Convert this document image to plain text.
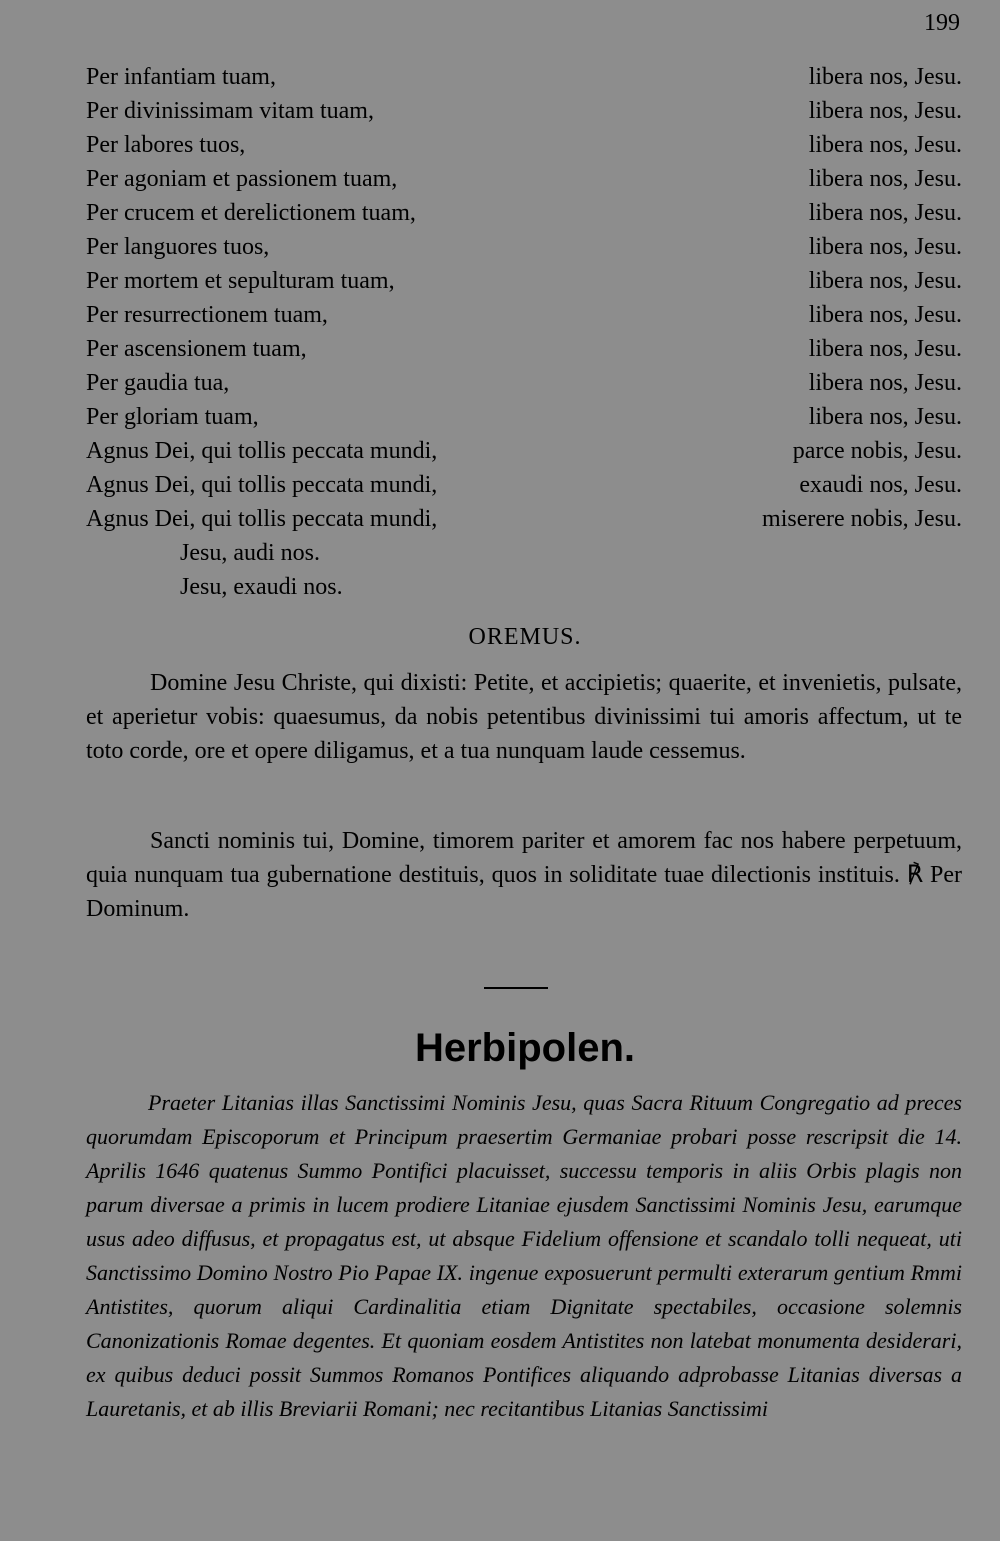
199
Per infantiam tuam,	libera nos, Jesu.
Per divinissimam vitam tuam,	libera nos, Jesu.
Per labores tuos,	libera nos, Jesu.
Per agoniam et passionem tuam,	libera nos, Jesu.
Per crucem et derelictionem tuam,	libera nos, Jesu.
Per languores tuos,	libera nos, Jesu.
Per mortem et sepulturam tuam,	libera nos, Jesu.
Per resurrectionem tuam,	libera nos, Jesu.
Per ascensionem tuam,	libera nos, Jesu.
Per gaudia tua,	libera nos, Jesu.
Per gloriam tuam,	libera nos, Jesu.
Agnus Dei, qui tollis peccata mundi,	parce nobis, Jesu.
Agnus Dei, qui tollis peccata mundi,	exaudi nos, Jesu.
Agnus Dei, qui tollis peccata mundi,	miserere nobis, Jesu.
Jesu, audi nos.
Jesu, exaudi nos.
OREMUS.

Domine Jesu Christe, qui dixisti: Petite, et accipietis; quaerite, et invenietis, pulsate, et aperietur vobis: quaesumus, da nobis petentibus divinissimi tui amoris affectum, ut te toto corde, ore et opere diligamus, et a tua nunquam laude cessemus.

Sancti nominis tui, Domine, timorem pariter et amorem fac nos habere perpetuum, quia nunquam tua gubernatione destituis, quos in soliditate tuae dilectionis instituis. ℟ Per Dominum.

Herbipolen.

Praeter Litanias illas Sanctissimi Nominis Jesu, quas Sacra Rituum Congregatio ad preces quorumdam Episcoporum et Principum praesertim Germaniae probari posse rescripsit die 14. Aprilis 1646 quatenus Summo Pontifici placuisset, successu temporis in aliis Orbis plagis non parum diversae a primis in lucem prodiere Litaniae ejusdem Sanctissimi Nominis Jesu, earumque usus adeo diffusus, et propagatus est, ut absque Fidelium offensione et scandalo tolli nequeat, uti Sanctissimo Domino Nostro Pio Papae IX. ingenue exposuerunt permulti exterarum gentium Rmmi Antistites, quorum aliqui Cardinalitia etiam Dignitate spectabiles, occasione solemnis Canonizationis Romae degentes. Et quoniam eosdem Antistites non latebat monumenta desiderari, ex quibus deduci possit Summos Romanos Pontifices aliquando adprobasse Litanias diversas a Lauretanis, et ab illis Breviarii Romani; nec recitantibus Litanias Sanctissimi
